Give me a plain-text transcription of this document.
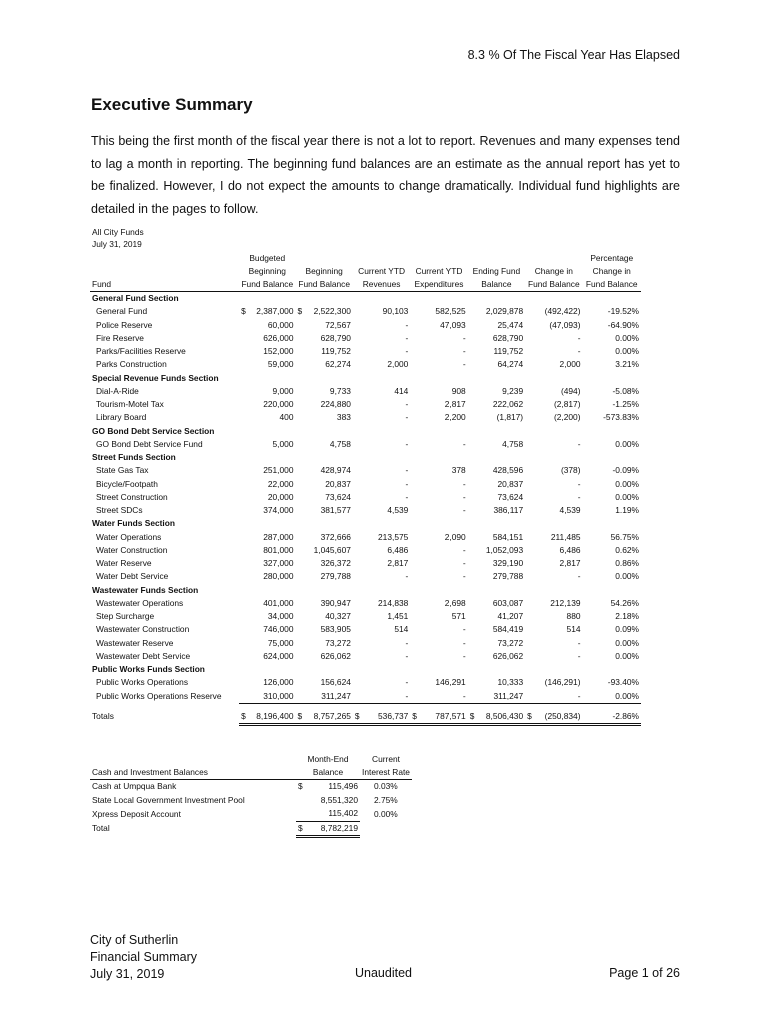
8.3 % Of The Fiscal Year Has Elapsed
Executive Summary
This being the first month of the fiscal year there is not a lot to report. Revenues and many expenses tend to lag a month in reporting. The beginning fund balances are an estimate as the annual report has yet to be finalized. However, I do not expect the amounts to change dramatically. Individual fund highlights are detailed in the pages to follow.
All City Funds
July 31, 2019
	Budgeted						Percentage
	Beginning	Beginning	Current YTD	Current YTD	Ending Fund	Change in	Change in
Fund	Fund Balance	Fund Balance	Revenues	Expenditures	Balance	Fund Balance	Fund Balance
General Fund Section							
General Fund	$ 2,387,000	$ 2,522,300	90,103	582,525	2,029,878	(492,422)	-19.52%
Police Reserve	60,000	72,567	-	47,093	25,474	(47,093)	-64.90%
Fire Reserve	626,000	628,790	-	-	628,790	-	0.00%
Parks/Facilities Reserve	152,000	119,752	-	-	119,752	-	0.00%
Parks Construction	59,000	62,274	2,000	-	64,274	2,000	3.21%
Special Revenue Funds Section							
Dial-A-Ride	9,000	9,733	414	908	9,239	(494)	-5.08%
Tourism-Motel Tax	220,000	224,880	-	2,817	222,062	(2,817)	-1.25%
Library Board	400	383	-	2,200	(1,817)	(2,200)	-573.83%
GO Bond Debt Service Section							
GO Bond Debt Service Fund	5,000	4,758	-	-	4,758	-	0.00%
Street Funds Section							
State Gas Tax	251,000	428,974	-	378	428,596	(378)	-0.09%
Bicycle/Footpath	22,000	20,837	-	-	20,837	-	0.00%
Street Construction	20,000	73,624	-	-	73,624	-	0.00%
Street SDCs	374,000	381,577	4,539	-	386,117	4,539	1.19%
Water Funds Section							
Water Operations	287,000	372,666	213,575	2,090	584,151	211,485	56.75%
Water Construction	801,000	1,045,607	6,486	-	1,052,093	6,486	0.62%
Water Reserve	327,000	326,372	2,817	-	329,190	2,817	0.86%
Water Debt Service	280,000	279,788	-	-	279,788	-	0.00%
Wastewater Funds Section							
Wastewater Operations	401,000	390,947	214,838	2,698	603,087	212,139	54.26%
Step Surcharge	34,000	40,327	1,451	571	41,207	880	2.18%
Wastewater Construction	746,000	583,905	514	-	584,419	514	0.09%
Wastewater Reserve	75,000	73,272	-	-	73,272	-	0.00%
Wastewater Debt Service	624,000	626,062	-	-	626,062	-	0.00%
Public Works Funds Section							
Public Works Operations	126,000	156,624	-	146,291	10,333	(146,291)	-93.40%
Public Works Operations Reserve	310,000	311,247	-	-	311,247	-	0.00%
Totals	$ 8,196,400	$ 8,757,265	$ 536,737	$ 787,571	$ 8,506,430	$ (250,834)	-2.86%
	Month-End	Current
Cash and Investment Balances	Balance	Interest Rate
Cash at Umpqua Bank	$ 115,496	0.03%
State Local Government Investment Pool	8,551,320	2.75%
Xpress Deposit Account	115,402	0.00%
Total	$ 8,782,219	
City of Sutherlin
Financial Summary
July 31, 2019	Unaudited	Page 1 of 26
